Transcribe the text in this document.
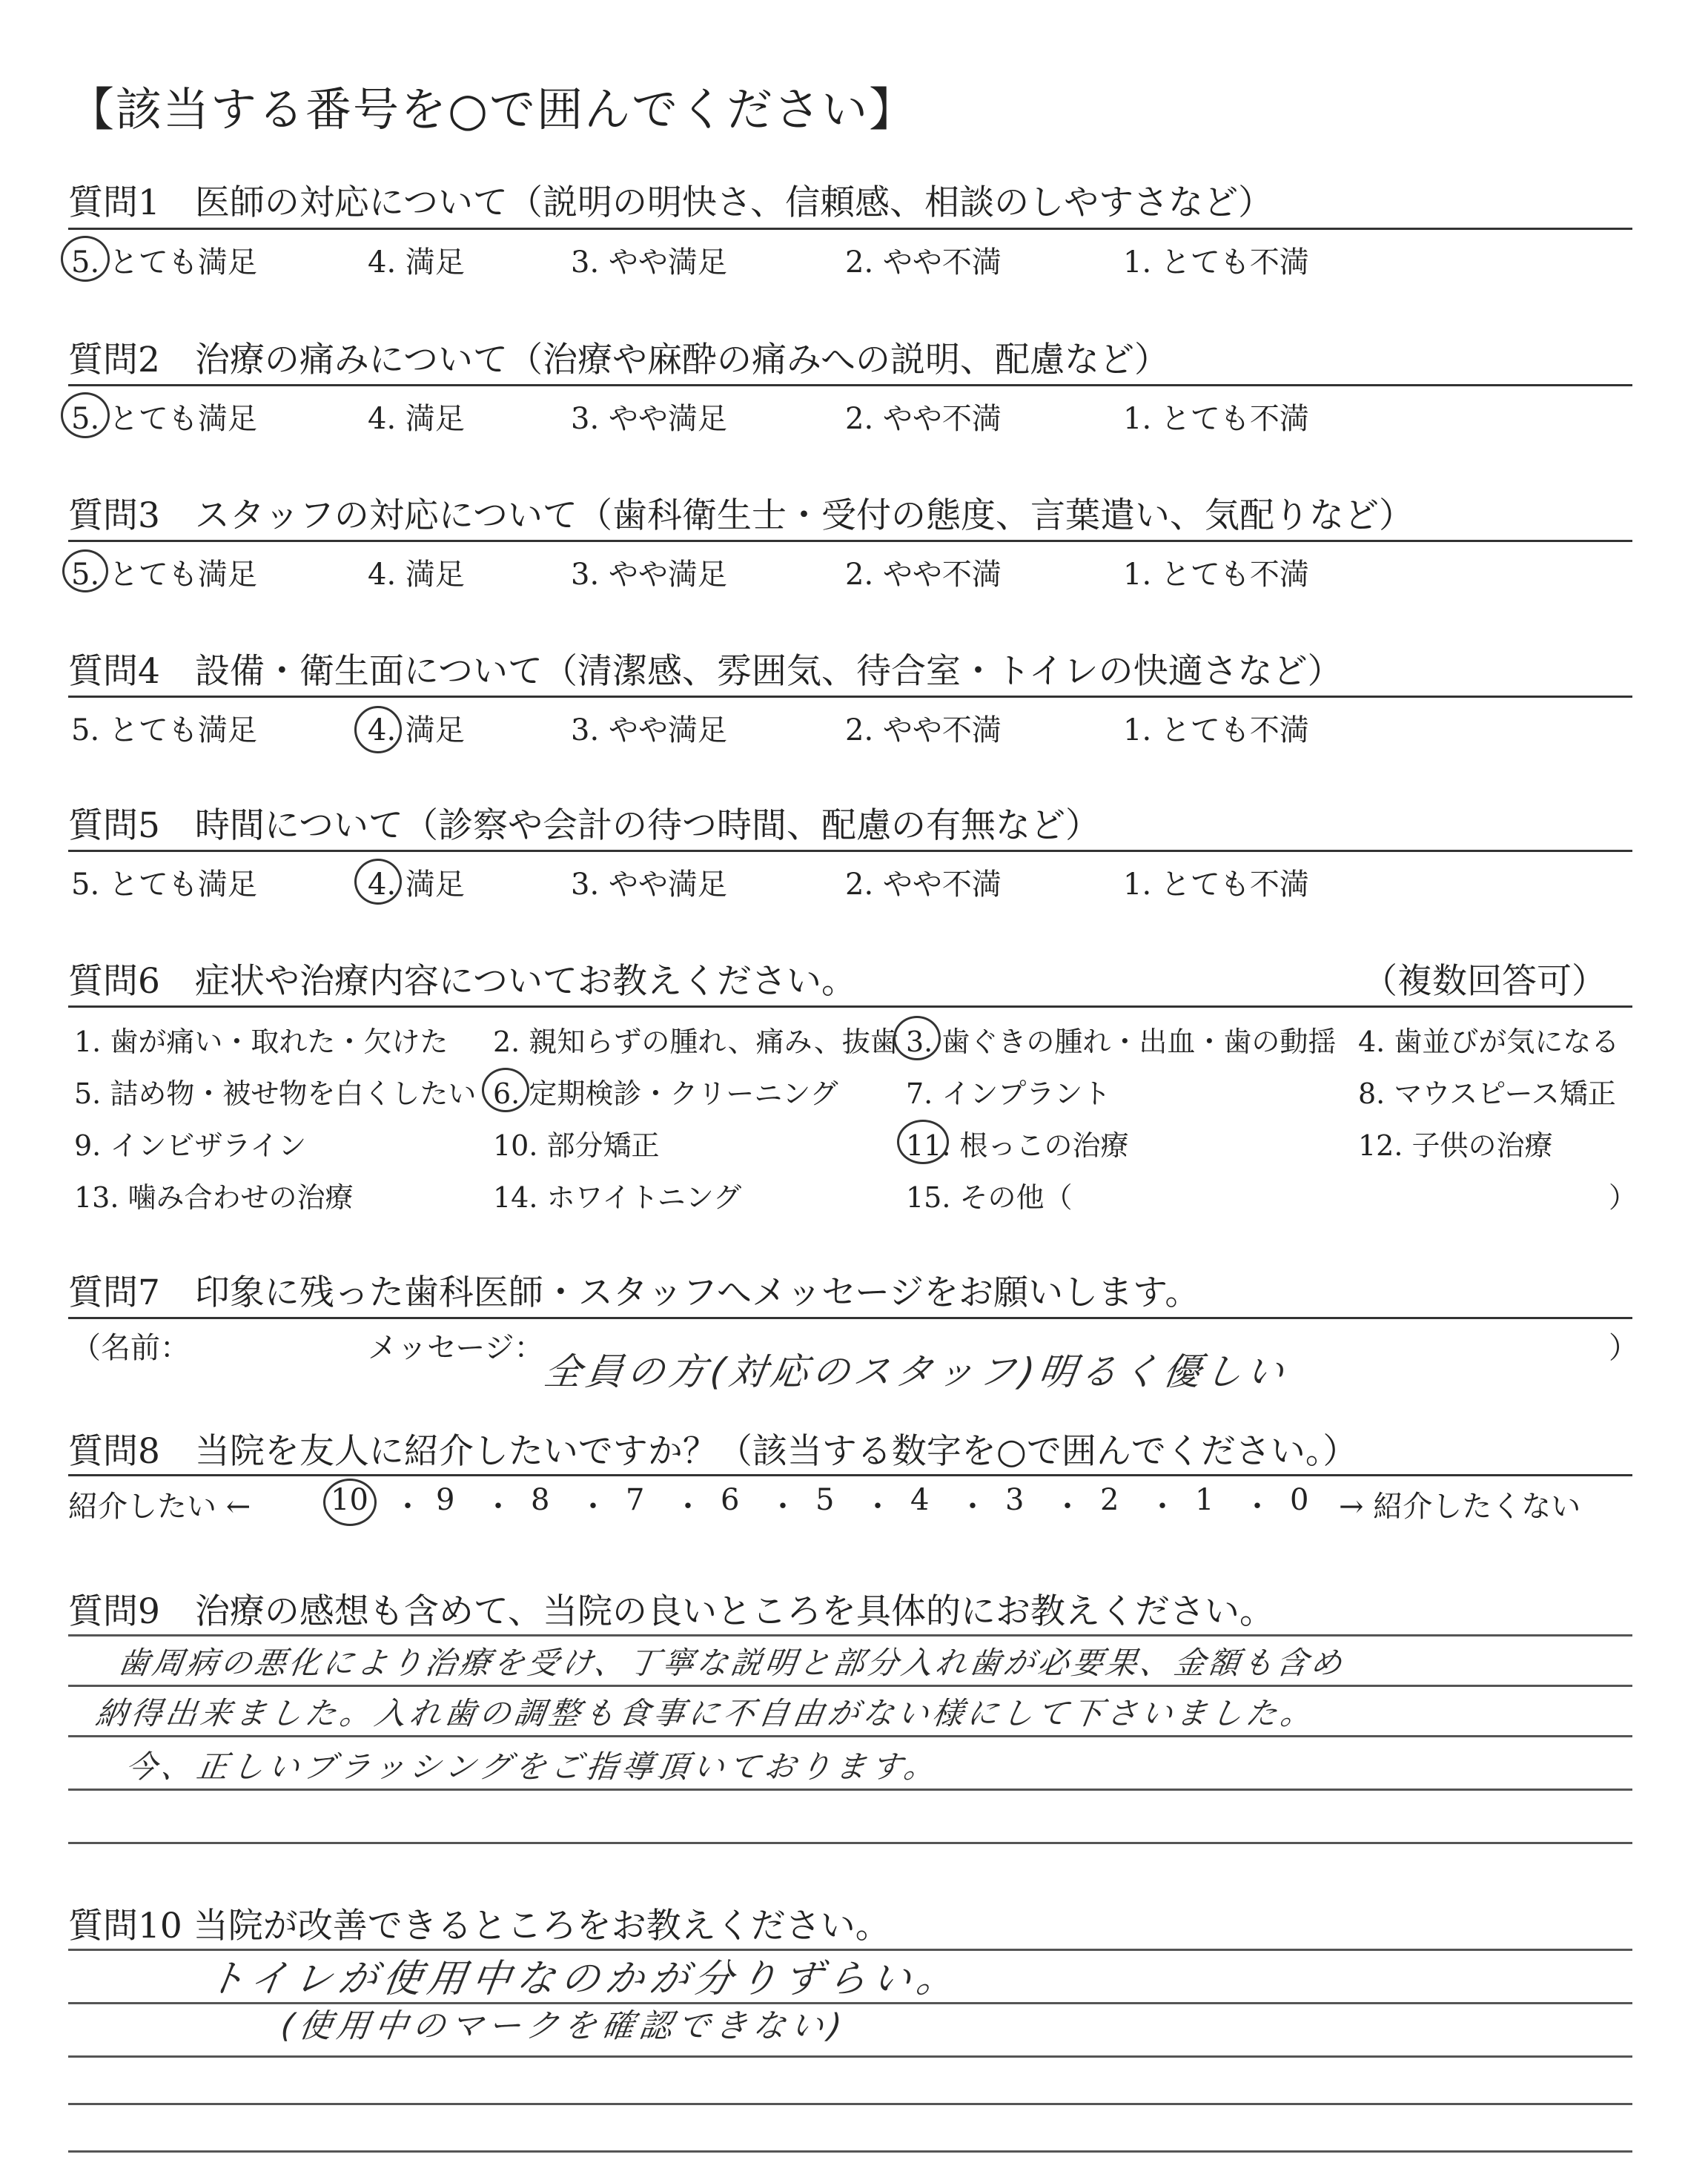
【該当する番号を○で囲んでください】
質問1　医師の対応について（説明の明快さ、信頼感、相談のしやすさなど）
5. とても満足	4. 満足	3. やや満足	2. やや不満	1. とても不満
質問2　治療の痛みについて（治療や麻酔の痛みへの説明、配慮など）
5. とても満足	4. 満足	3. やや満足	2. やや不満	1. とても不満
質問3　スタッフの対応について（歯科衛生士・受付の態度、言葉遣い、気配りなど）
5. とても満足	4. 満足	3. やや満足	2. やや不満	1. とても不満
質問4　設備・衛生面について（清潔感、雰囲気、待合室・トイレの快適さなど）
5. とても満足	4. 満足	3. やや満足	2. やや不満	1. とても不満
質問5　時間について（診察や会計の待つ時間、配慮の有無など）
5. とても満足	4. 満足	3. やや満足	2. やや不満	1. とても不満
質問6　症状や治療内容についてお教えください。	（複数回答可）
1. 歯が痛い・取れた・欠けた 2. 親知らずの腫れ、痛み、抜歯 3. 歯ぐきの腫れ・出血・歯の動揺 4. 歯並びが気になる
5. 詰め物・被せ物を白くしたい 6. 定期検診・クリーニング 7. インプラント	8. マウスピース矯正
9. インビザライン	10. 部分矯正	11. 根っこの治療	12. 子供の治療
13. 噛み合わせの治療	14. ホワイトニング	15. その他（	）
質問7　印象に残った歯科医師・スタッフへメッセージをお願いします。
（名前：	メッセージ：	）
全員の方(対応のスタッフ)明るく優しい
質問8　当院を友人に紹介したいですか？（該当する数字を○で囲んでください。）
紹介したい ←	→ 紹介したくない
10 ・ 9 ・ 8 ・ 7 ・ 6 ・ 5 ・ 4 ・ 3 ・ 2 ・ 1 ・ 0
質問9　治療の感想も含めて、当院の良いところを具体的にお教えください。
歯周病の悪化により治療を受け、丁寧な説明と部分入れ歯が必要果、金額も含め
納得出来ました。入れ歯の調整も食事に不自由がない様にして下さいました。
今、正しいブラッシングをご指導頂いております。
質問10 当院が改善できるところをお教えください。
トイレが使用中なのかが分りずらい。
(使用中のマークを確認できない)
